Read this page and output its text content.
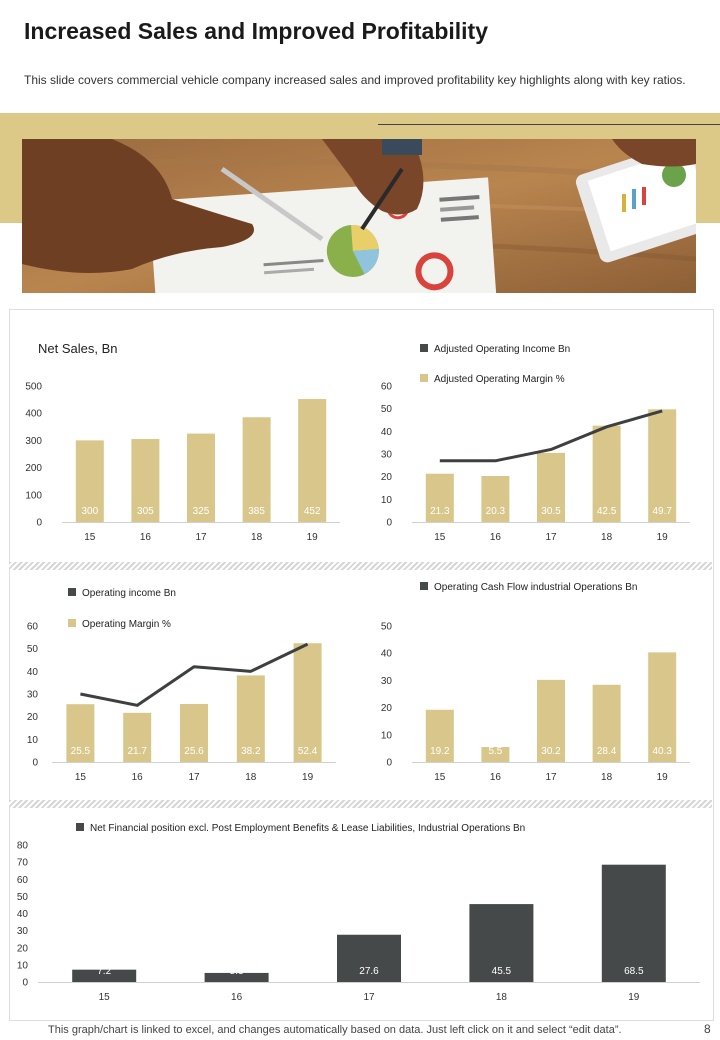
Increased Sales and Improved Profitability
This slide covers commercial vehicle company increased sales and improved profitability key highlights along with key ratios.
Net Sales, Bn
0
100
200
300
400
500
15	16	17	18	19
300	305	325	385	452
0
10
20
30
40
50
60
15	16	17	18	19
Adjusted Operating Income Bn
Adjusted Operating Margin %
21.3	20.3	30.5	42.5	49.7
0
10
20
30
40
50
60
15	16	17	18	19
Operating income Bn
Operating Margin %
25.5	21.7	25.6	38.2	52.4
0
10
20
30
40
50
15	16	17	18	19
Operating Cash Flow industrial Operations Bn
19.2	5.5	30.2	28.4	40.3
0
10
20
30
40
50
60
70
80
15	16	17	18	19
Net Financial position excl. Post Employment Benefits & Lease Liabilities, Industrial Operations Bn
7.2	5.3	27.6	45.5	68.5
This graph/chart is linked to excel, and changes automatically based on data. Just left click on it and select “edit data”.	8
